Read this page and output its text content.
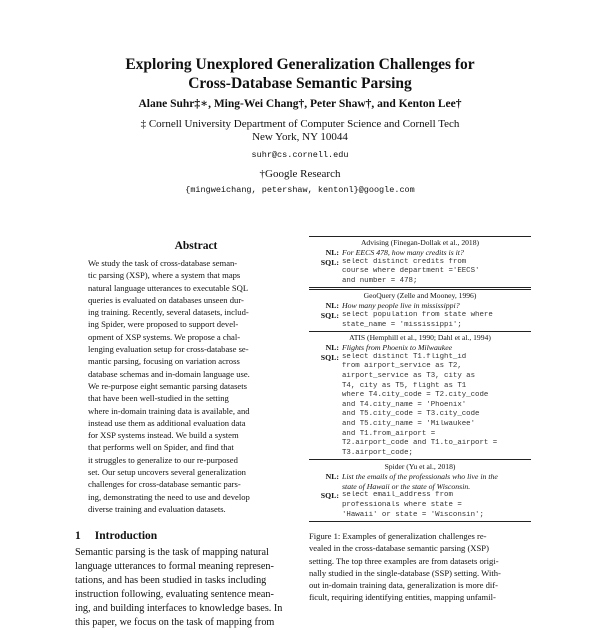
Exploring Unexplored Generalization Challenges for
Cross-Database Semantic Parsing
Alane Suhr‡∗, Ming-Wei Chang†, Peter Shaw†, and Kenton Lee†
‡ Cornell University Department of Computer Science and Cornell Tech
New York, NY 10044
suhr@cs.cornell.edu
†Google Research
{mingweichang, petershaw, kentonl}@google.com
Abstract
We study the task of cross-database seman-
tic parsing (XSP), where a system that maps
natural language utterances to executable SQL
queries is evaluated on databases unseen dur-
ing training. Recently, several datasets, includ-
ing Spider, were proposed to support devel-
opment of XSP systems. We propose a chal-
lenging evaluation setup for cross-database se-
mantic parsing, focusing on variation across
database schemas and in-domain language use.
We re-purpose eight semantic parsing datasets
that have been well-studied in the setting
where in-domain training data is available, and
instead use them as additional evaluation data
for XSP systems instead. We build a system
that performs well on Spider, and find that
it struggles to generalize to our re-purposed
set. Our setup uncovers several generalization
challenges for cross-database semantic pars-
ing, demonstrating the need to use and develop
diverse training and evaluation datasets.
1 Introduction
Semantic parsing is the task of mapping natural
language utterances to formal meaning represen-
tations, and has been studied in tasks including
instruction following, evaluating sentence mean-
ing, and building interfaces to knowledge bases. In
this paper, we focus on the task of mapping from
Advising (Finegan-Dollak et al., 2018)
NL: For EECS 478, how many credits is it?
SQL: select distinct credits from
course where department ='EECS'
and number = 478;
GeoQuery (Zelle and Mooney, 1996)
NL: How many people live in mississippi?
SQL: select population from state where
state_name = 'mississippi';
ATIS (Hemphill et al., 1990; Dahl et al., 1994)
NL: Flights from Phoenix to Milwaukee
SQL: select distinct T1.flight_id
from airport_service as T2,
airport_service as T3, city as
T4, city as T5, flight as T1
where T4.city_code = T2.city_code
and T4.city_name = 'Phoenix'
and T5.city_code = T3.city_code
and T5.city_name = 'Milwaukee'
and T1.from_airport =
T2.airport_code and T1.to_airport =
T3.airport_code;
Spider (Yu et al., 2018)
NL: List the emails of the professionals who live in the
state of Hawaii or the state of Wisconsin.
SQL: select email_address from
professionals where state =
'Hawaii' or state = 'Wisconsin';
Figure 1: Examples of generalization challenges re-
vealed in the cross-database semantic parsing (XSP)
setting. The top three examples are from datasets origi-
nally studied in the single-database (SSP) setting. With-
out in-domain training data, generalization is more dif-
ficult, requiring identifying entities, mapping unfamil-
